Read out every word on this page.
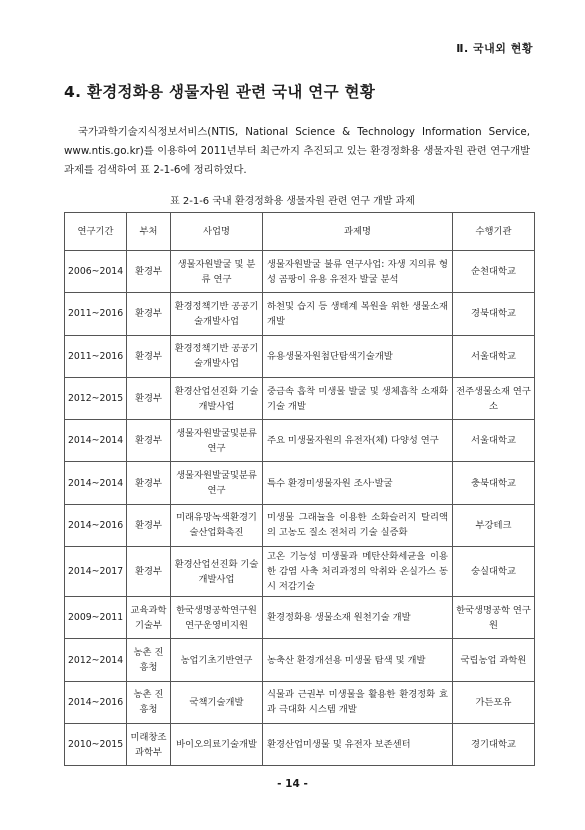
Ⅱ. 국내외 현황
4. 환경정화용 생물자원 관련 국내 연구 현황

국가과학기술지식정보서비스(NTIS, National Science & Technology Information Service, www.ntis.go.kr)를 이용하여 2011년부터 최근까지 추진되고 있는 환경정화용 생물자원 관련 연구개발 과제를 검색하여 표 2-1-6에 정리하였다.

표 2-1-6 국내 환경정화용 생물자원 관련 연구 개발 과제
연구기간	부처	사업명	과제명	수행기관
2006~2014	환경부	생물자원발굴 및 분류 연구	생물자원발굴 불류 연구사업: 자생 지의류 형성 곰팡이 유용 유전자 발굴 분석	순천대학교
2011~2016	환경부	환경정책기반 공공기술개발사업	하천및 습지 등 생태계 복원을 위한 생물소재 개발	경북대학교
2011~2016	환경부	환경정책기반 공공기술개발사업	유용생물자원첨단탐색기술개발	서울대학교
2012~2015	환경부	환경산업선진화 기술개발사업	중금속 흡착 미생물 발굴 및 생체흡착 소재화 기술 개발	전주생물소재 연구소
2014~2014	환경부	생물자원발굴및분류 연구	주요 미생물자원의 유전자(체) 다양성 연구	서울대학교
2014~2014	환경부	생물자원발굴및분류 연구	특수 환경미생물자원 조사·발굴	충북대학교
2014~2016	환경부	미래유망녹색환경기 술산업화촉진	미생물 그래뉼을 이용한 소화슬러지 탈리액의 고농도 질소 전처리 기술 실증화	부강테크
2014~2017	환경부	환경산업선진화 기술개발사업	고온 기능성 미생물과 메탄산화세균을 이용한 감염 사축 처리과정의 악취와 온실가스 동시 저감기술	숭실대학교
2009~2011	교육과학 기술부	한국생명공학연구원 연구운영비지원	환경정화용 생물소재 원천기술 개발	한국생명공학 연구원
2012~2014	농촌 진흥청	농업기초기반연구	농축산 환경개선용 미생물 탐색 및 개발	국립농업 과학원
2014~2016	농촌 진흥청	국책기술개발	식물과 근권부 미생물을 활용한 환경정화 효과 극대화 시스템 개발	가든포유
2010~2015	미래창조 과학부	바이오의료기술개발	환경산업미생물 및 유전자 보존센터	경기대학교
- 14 -
